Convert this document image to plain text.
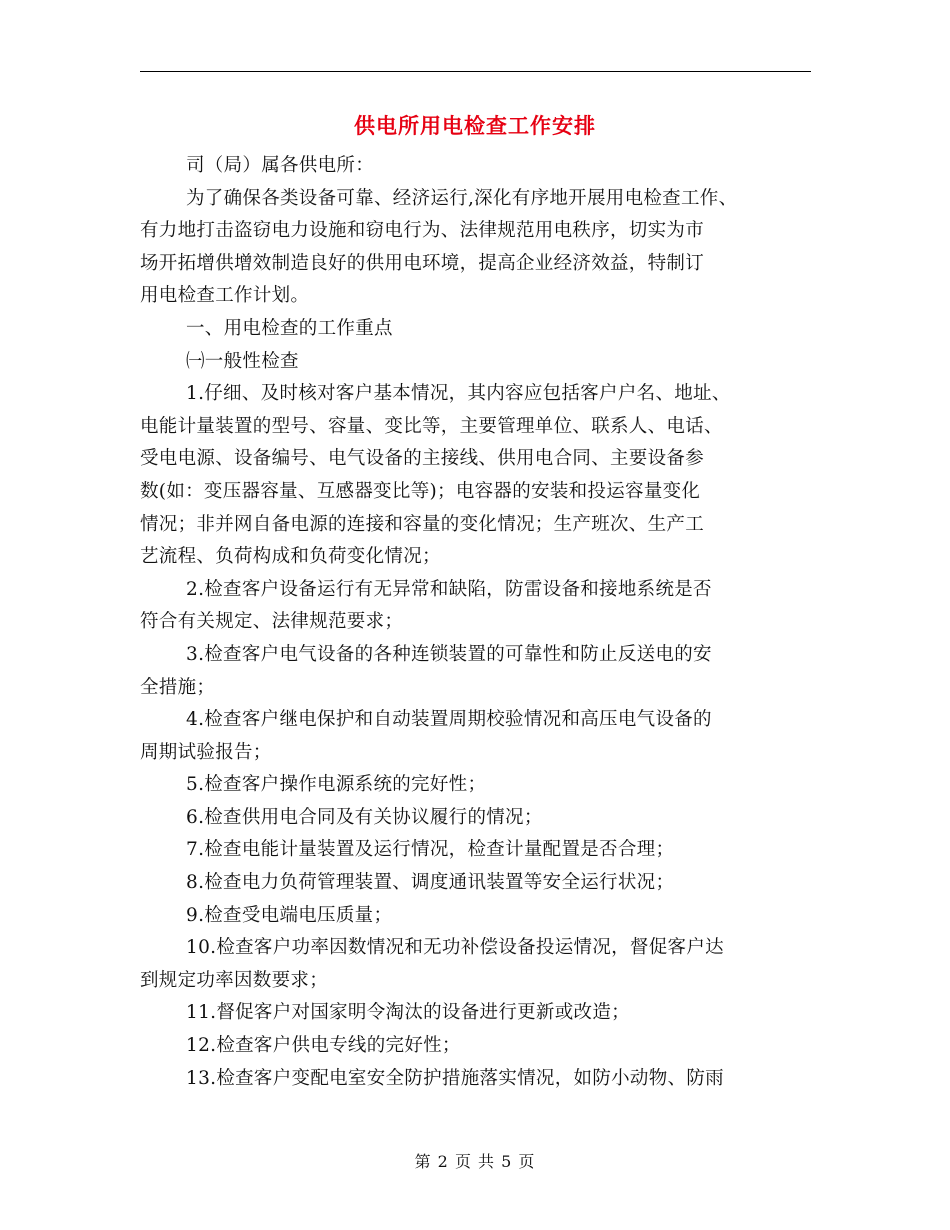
供电所用电检查工作安排

司（局）属各供电所：

为了确保各类设备可靠、经济运行,深化有序地开展用电检查工作、

有力地打击盗窃电力设施和窃电行为、法律规范用电秩序，切实为市

场开拓增供增效制造良好的供用电环境，提高企业经济效益，特制订

用电检查工作计划。

一、用电检查的工作重点

㈠一般性检查

1.仔细、及时核对客户基本情况，其内容应包括客户户名、地址、

电能计量装置的型号、容量、变比等，主要管理单位、联系人、电话、

受电电源、设备编号、电气设备的主接线、供用电合同、主要设备参

数(如：变压器容量、互感器变比等)；电容器的安装和投运容量变化

情况；非并网自备电源的连接和容量的变化情况；生产班次、生产工

艺流程、负荷构成和负荷变化情况；

2.检查客户设备运行有无异常和缺陷，防雷设备和接地系统是否

符合有关规定、法律规范要求；

3.检查客户电气设备的各种连锁装置的可靠性和防止反送电的安

全措施；

4.检查客户继电保护和自动装置周期校验情况和高压电气设备的

周期试验报告；

5.检查客户操作电源系统的完好性；

6.检查供用电合同及有关协议履行的情况；

7.检查电能计量装置及运行情况，检查计量配置是否合理；

8.检查电力负荷管理装置、调度通讯装置等安全运行状况；

9.检查受电端电压质量；

10.检查客户功率因数情况和无功补偿设备投运情况，督促客户达

到规定功率因数要求；

11.督促客户对国家明令淘汰的设备进行更新或改造；

12.检查客户供电专线的完好性；

13.检查客户变配电室安全防护措施落实情况，如防小动物、防雨

第 2 页 共 5 页
